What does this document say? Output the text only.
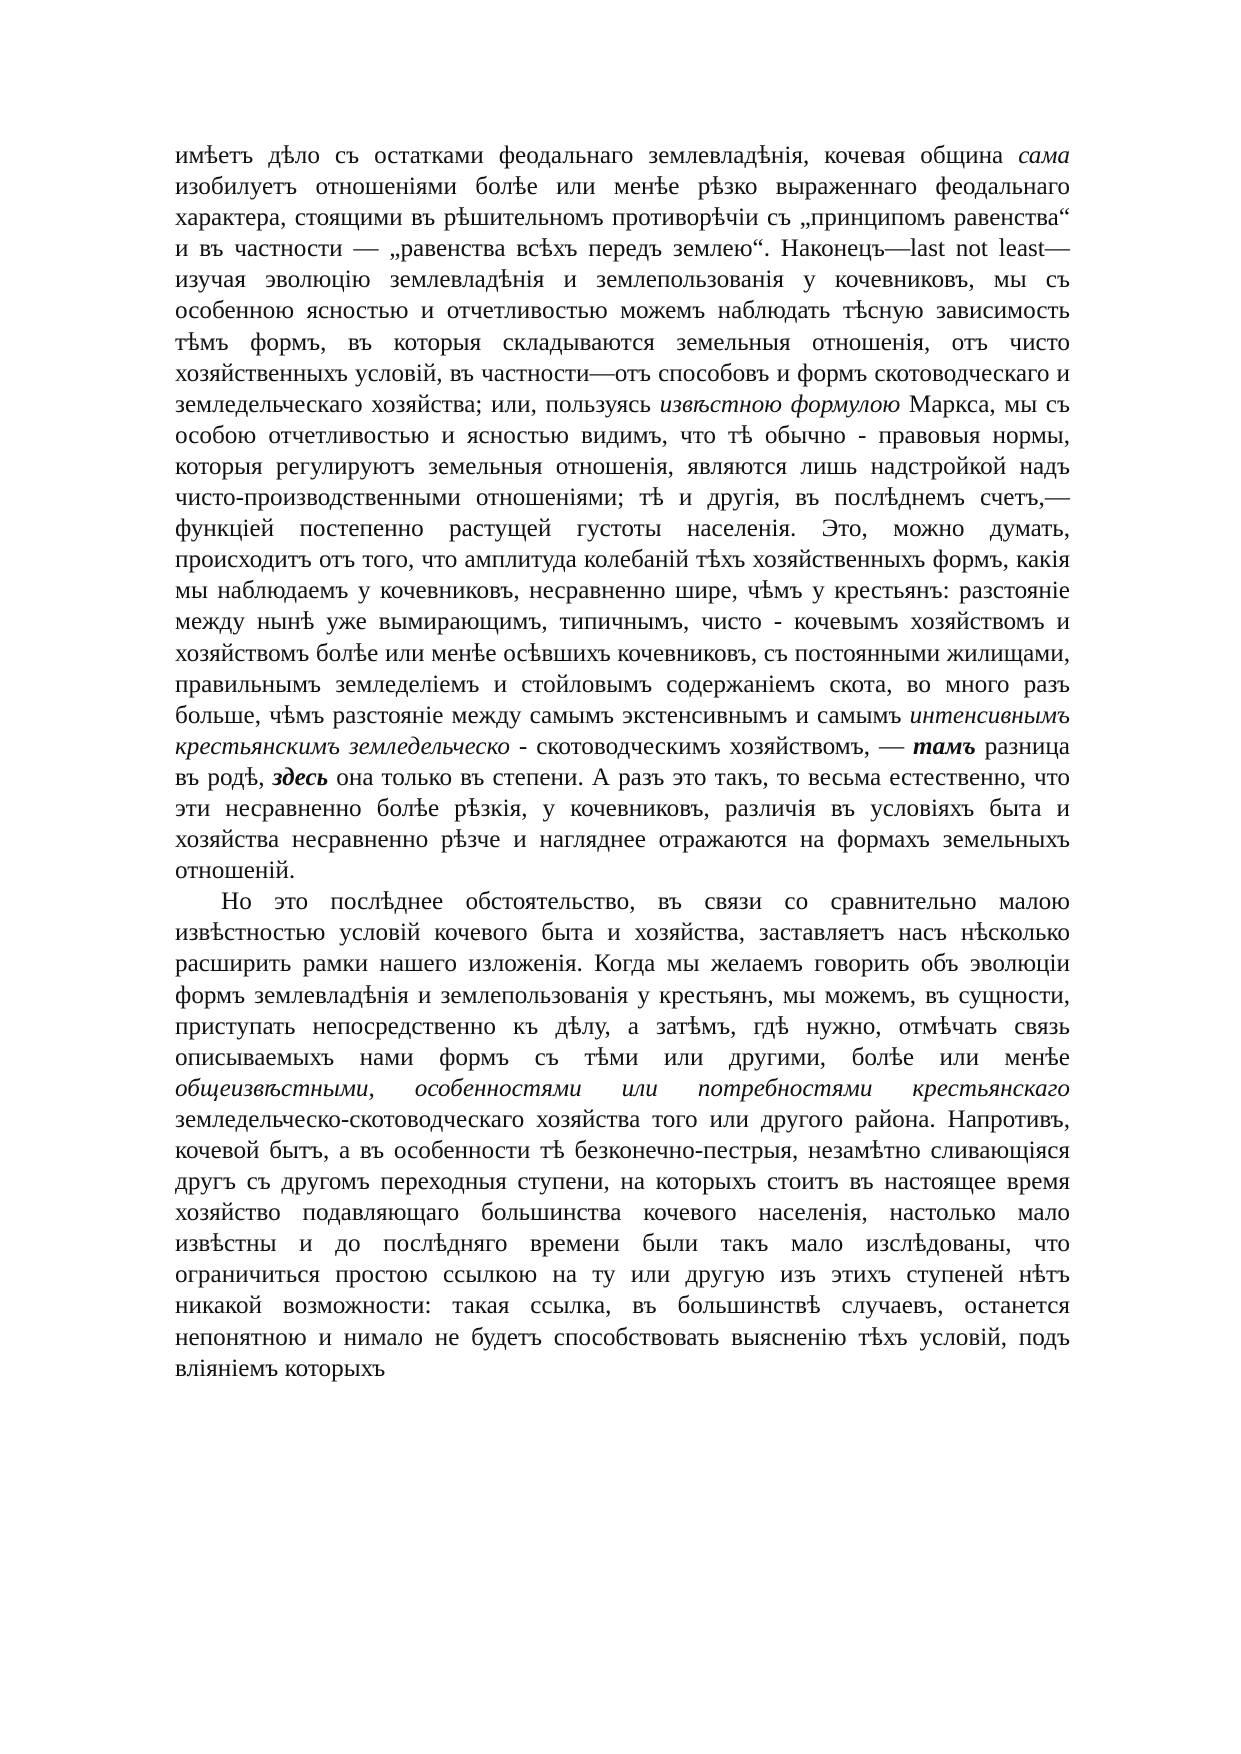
имѣетъ дѣло съ остатками феодальнаго землевладѣнія, кочевая община сама изобилуетъ отношеніями болѣе или менѣе рѣзко выраженнаго феодальнаго характера, стоящими въ рѣшительномъ противорѣчіи съ „принципомъ равенства“ и въ частности — „равенства всѣхъ передъ землею“. Наконецъ—last not least— изучая эволюцію землевладѣнія и землепользованія у кочевниковъ, мы съ особенною ясностью и отчетливостью можемъ наблюдать тѣсную зависимость тѣмъ формъ, въ которыя складываются земельныя отношенія, отъ чисто хозяйственныхъ условій, въ частности—отъ способовъ и формъ скотоводческаго и земледельческаго хозяйства; или, пользуясь извѣстною формулою Маркса, мы съ особою отчетливостью и ясностью видимъ, что тѣ обычно - правовыя нормы, которыя регулируютъ земельныя отношенія, являются лишь надстройкой надъ чисто-производственными отношеніями; тѣ и другія, въ послѣднемъ счетъ,—функціей постепенно растущей густоты населенія. Это, можно думать, происходитъ отъ того, что амплитуда колебаній тѣхъ хозяйственныхъ формъ, какія мы наблюдаемъ у кочевниковъ, несравненно шире, чѣмъ у крестьянъ: разстояніе между нынѣ уже вымирающимъ, типичнымъ, чисто - кочевымъ хозяйствомъ и хозяйствомъ болѣе или менѣе осѣвшихъ кочевниковъ, съ постоянными жилищами, правильнымъ земледеліемъ и стойловымъ содержаніемъ скота, во много разъ больше, чѣмъ разстояніе между самымъ экстенсивнымъ и самымъ интенсивнымъ крестьянскимъ земледельческо - скотоводческимъ хозяйствомъ, — тамъ разница въ родѣ, здесь она только въ степени. А разъ это такъ, то весьма естественно, что эти несравненно болѣе рѣзкія, у кочевниковъ, различія въ условіяхъ быта и хозяйства несравненно рѣзче и нагляднее отражаются на формахъ земельныхъ отношеній.

Но это послѣднее обстоятельство, въ связи со сравнительно малою извѣстностью условій кочевого быта и хозяйства, заставляетъ насъ нѣсколько расширить рамки нашего изложенія. Когда мы желаемъ говорить объ эволюціи формъ землевладѣнія и землепользованія у крестьянъ, мы можемъ, въ сущности, приступать непосредственно къ дѣлу, а затѣмъ, гдѣ нужно, отмѣчать связь описываемыхъ нами формъ съ тѣми или другими, болѣе или менѣе общеизвѣстными, особенностями или потребностями крестьянскаго земледельческо-скотоводческаго хозяйства того или другого района. Напротивъ, кочевой бытъ, а въ особенности тѣ безконечно-пестрыя, незамѣтно сливающіяся другъ съ другомъ переходныя ступени, на которыхъ стоитъ въ настоящее время хозяйство подавляющаго большинства кочевого населенія, настолько мало извѣстны и до послѣдняго времени были такъ мало изслѣдованы, что ограничиться простою ссылкою на ту или другую изъ этихъ ступеней нѣтъ никакой возможности: такая ссылка, въ большинствѣ случаевъ, останется непонятною и нимало не будетъ способствовать выясненію тѣхъ условій, подъ вліяніемъ которыхъ
